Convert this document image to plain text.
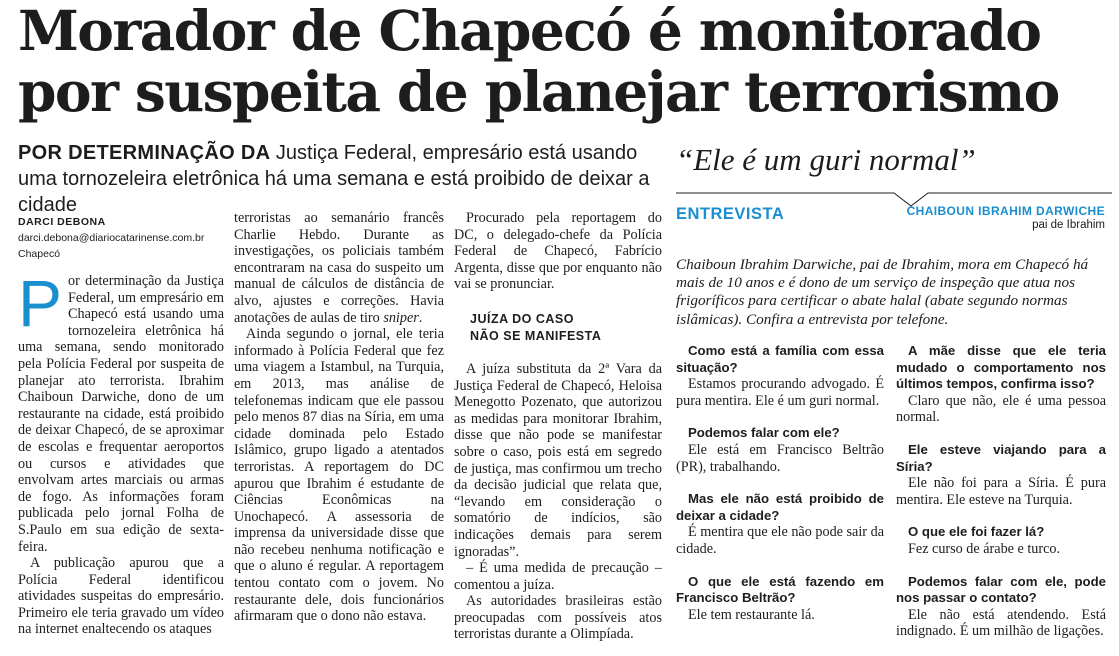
Morador de Chapecó é monitorado por suspeita de planejar terrorismo

POR DETERMINAÇÃO DA Justiça Federal, empresário está usando uma tornozeleira eletrônica há uma semana e está proibido de deixar a cidade

DARCI DEBONA
darci.debona@diariocatarinense.com.br
Chapecó

Por determinação da Justiça Federal, um empresário em Chapecó está usando uma tornozeleira eletrônica há uma semana, sendo monitorado pela Polícia Federal por suspeita de planejar ato terrorista. Ibrahim Chaiboun Darwiche, dono de um restaurante na cidade, está proibido de deixar Chapecó, de se aproximar de escolas e frequentar aeroportos ou cursos e atividades que envolvam artes marciais ou armas de fogo. As informações foram publicada pelo jornal Folha de S.Paulo em sua edição de sexta-feira.

A publicação apurou que a Polícia Federal identificou atividades suspeitas do empresário. Primeiro ele teria gravado um vídeo na internet enaltecendo os ataques

terroristas ao semanário francês Charlie Hebdo. Durante as investigações, os policiais também encontraram na casa do suspeito um manual de cálculos de distância de alvo, ajustes e correções. Havia anotações de aulas de tiro sniper.

Ainda segundo o jornal, ele teria informado à Polícia Federal que fez uma viagem a Istambul, na Turquia, em 2013, mas análise de telefonemas indicam que ele passou pelo menos 87 dias na Síria, em uma cidade dominada pelo Estado Islâmico, grupo ligado a atentados terroristas. A reportagem do DC apurou que Ibrahim é estudante de Ciências Econômicas na Unochapecó. A assessoria de imprensa da universidade disse que não recebeu nenhuma notificação e que o aluno é regular. A reportagem tentou contato com o jovem. No restaurante dele, dois funcionários afirmaram que o dono não estava.

Procurado pela reportagem do DC, o delegado-chefe da Polícia Federal de Chapecó, Fabrício Argenta, disse que por enquanto não vai se pronunciar.

JUÍZA DO CASO
NÃO SE MANIFESTA

A juíza substituta da 2ª Vara da Justiça Federal de Chapecó, Heloisa Menegotto Pozenato, que autorizou as medidas para monitorar Ibrahim, disse que não pode se manifestar sobre o caso, pois está em segredo de justiça, mas confirmou um trecho da decisão judicial que relata que, “levando em consideração o somatório de indícios, são indicações demais para serem ignoradas”.

– É uma medida de precaução – comentou a juíza.

As autoridades brasileiras estão preocupadas com possíveis atos terroristas durante a Olimpíada.

“Ele é um guri normal”
ENTREVISTA	CHAIBOUN IBRAHIM DARWICHE
pai de Ibrahim

Chaiboun Ibrahim Darwiche, pai de Ibrahim, mora em Chapecó há mais de 10 anos e é dono de um serviço de inspeção que atua nos frigoríficos para certificar o abate halal (abate segundo normas islâmicas). Confira a entrevista por telefone.

Como está a família com essa situação?
Estamos procurando advogado. É pura mentira. Ele é um guri normal.
Podemos falar com ele?
Ele está em Francisco Beltrão (PR), trabalhando.
Mas ele não está proibido de deixar a cidade?
É mentira que ele não pode sair da cidade.
O que ele está fazendo em Francisco Beltrão?
Ele tem restaurante lá.
A mãe disse que ele teria mudado o comportamento nos últimos tempos, confirma isso?
Claro que não, ele é uma pessoa normal.
Ele esteve viajando para a Síria?
Ele não foi para a Síria. É pura mentira. Ele esteve na Turquia.
O que ele foi fazer lá?
Fez curso de árabe e turco.
Podemos falar com ele, pode nos passar o contato?
Ele não está atendendo. Está indignado. É um milhão de ligações.
